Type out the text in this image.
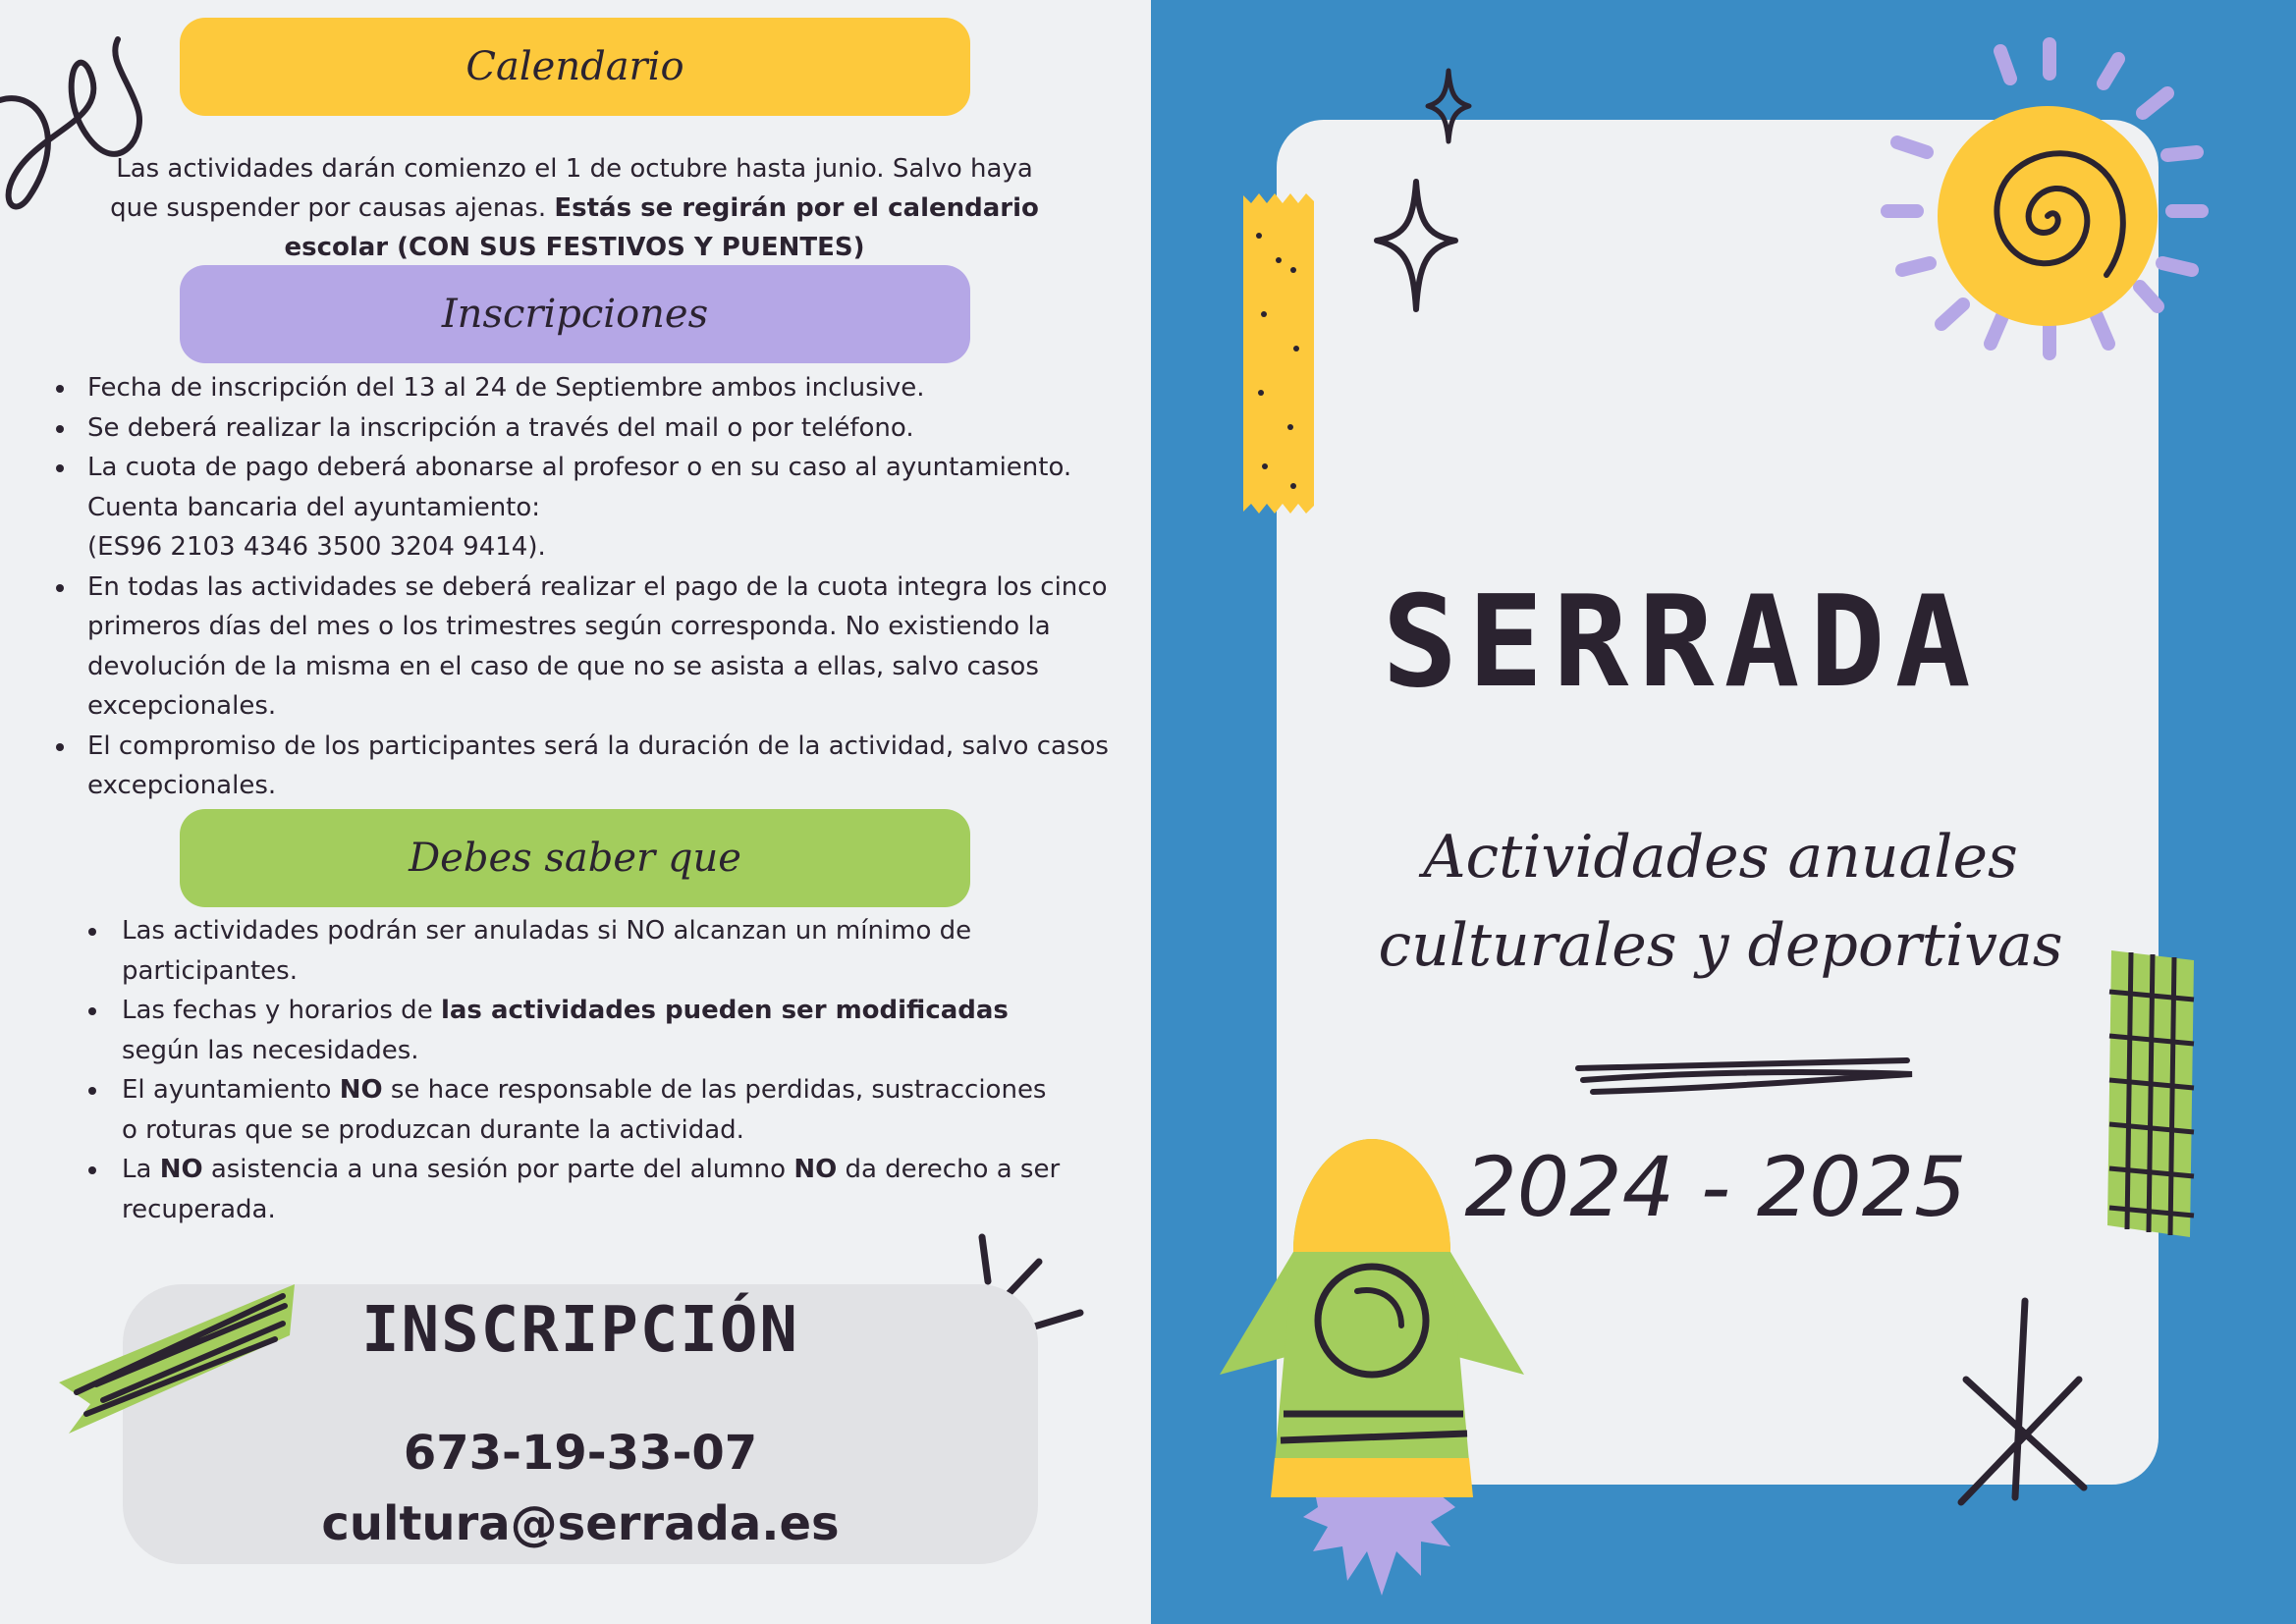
Calendario
Las actividades darán comienzo el 1 de octubre hasta junio. Salvo haya que suspender por causas ajenas. Estás se regirán por el calendario escolar (CON SUS FESTIVOS Y PUENTES)
Inscripciones
Fecha de inscripción del 13 al 24 de Septiembre ambos inclusive.
Se deberá realizar la inscripción a través del mail o por teléfono.
La cuota de pago deberá abonarse al profesor o en su caso al ayuntamiento. Cuenta bancaria del ayuntamiento:
(ES96 2103 4346 3500 3204 9414).
En todas las actividades se deberá realizar el pago de la cuota integra los cinco primeros días del mes o los trimestres según corresponda. No existiendo la devolución de la misma en el caso de que no se asista a ellas, salvo casos excepcionales.
El compromiso de los participantes será la duración de la actividad, salvo casos excepcionales.
Debes saber que
Las actividades podrán ser anuladas si NO alcanzan un mínimo de participantes.
Las fechas y horarios de las actividades pueden ser modificadas según las necesidades.
El ayuntamiento NO se hace responsable de las perdidas, sustracciones o roturas que se produzcan durante la actividad.
La NO asistencia a una sesión por parte del alumno NO da derecho a ser recuperada.
INSCRIPCIÓN
673-19-33-07
cultura@serrada.es
SERRADA
Actividades anuales
culturales y deportivas
2024 - 2025
